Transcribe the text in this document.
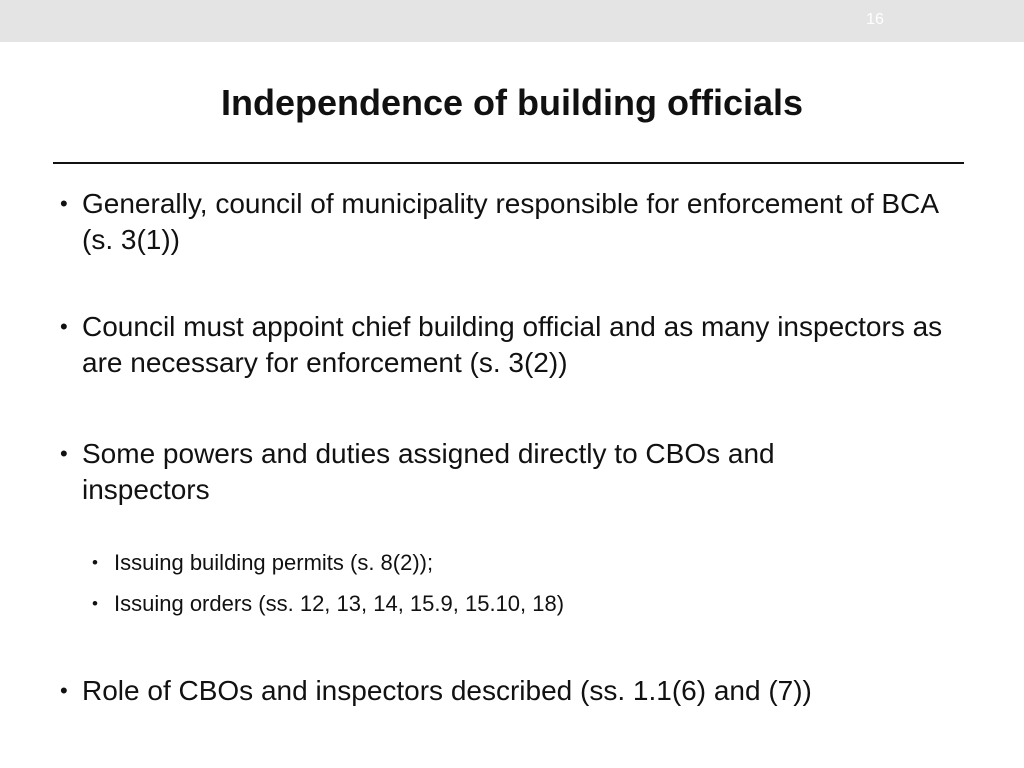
16
Independence of building officials
• Generally, council of municipality responsible for enforcement of BCA (s. 3(1))
• Council must appoint chief building official and as many inspectors as are necessary for enforcement (s. 3(2))
• Some powers and duties assigned directly to CBOs and inspectors
• Issuing building permits (s. 8(2));
• Issuing orders (ss. 12, 13, 14, 15.9, 15.10, 18)
• Role of CBOs and inspectors described (ss. 1.1(6) and (7))
